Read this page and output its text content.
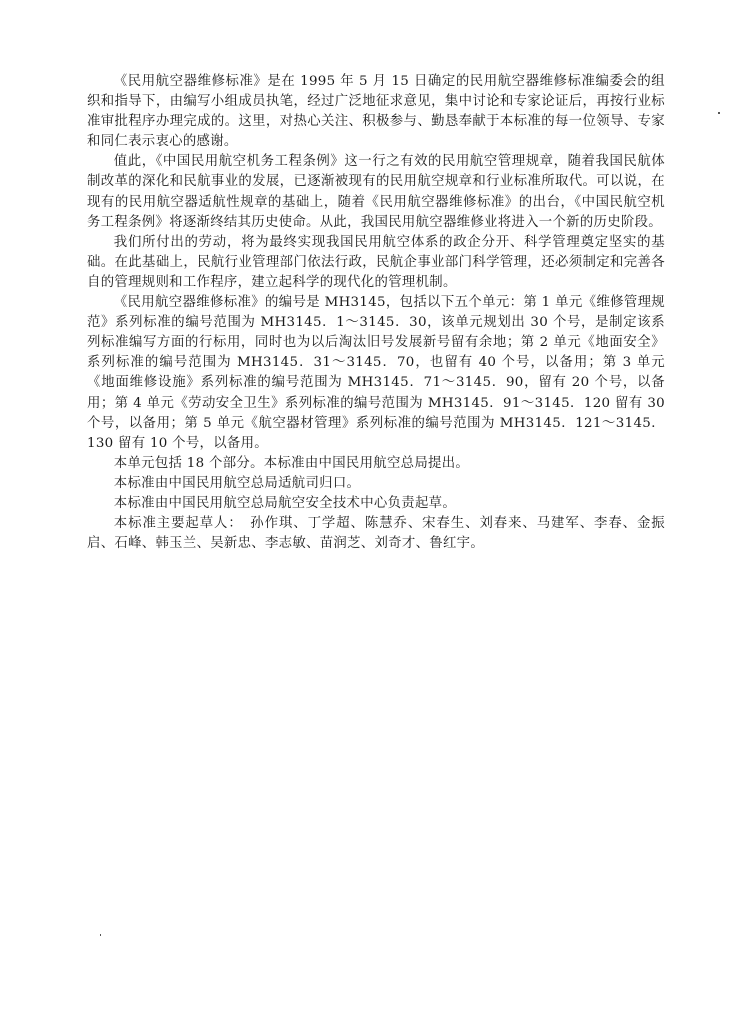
《民用航空器维修标准》是在 1995 年 5 月 15 日确定的民用航空器维修标准编委会的组织和指导下，由编写小组成员执笔，经过广泛地征求意见，集中讨论和专家论证后，再按行业标准审批程序办理完成的。这里，对热心关注、积极参与、勤恳奉献于本标准的每一位领导、专家和同仁表示衷心的感谢。

值此，《中国民用航空机务工程条例》这一行之有效的民用航空管理规章，随着我国民航体制改革的深化和民航事业的发展，已逐渐被现有的民用航空规章和行业标准所取代。可以说，在现有的民用航空器适航性规章的基础上，随着《民用航空器维修标准》的出台，《中国民航空机务工程条例》将逐渐终结其历史使命。从此，我国民用航空器维修业将进入一个新的历史阶段。

我们所付出的劳动，将为最终实现我国民用航空体系的政企分开、科学管理奠定坚实的基础。在此基础上，民航行业管理部门依法行政，民航企事业部门科学管理，还必须制定和完善各自的管理规则和工作程序，建立起科学的现代化的管理机制。

《民用航空器维修标准》的编号是 MH3145，包括以下五个单元：第 1 单元《维修管理规范》系列标准的编号范围为 MH3145．1～3145．30，该单元规划出 30 个号，是制定该系列标准编写方面的行标用，同时也为以后淘汰旧号发展新号留有余地；第 2 单元《地面安全》系列标准的编号范围为 MH3145．31～3145．70，也留有 40 个号，以备用；第 3 单元《地面维修设施》系列标准的编号范围为 MH3145．71～3145．90，留有 20 个号，以备用；第 4 单元《劳动安全卫生》系列标准的编号范围为 MH3145．91～3145．120 留有 30 个号，以备用；第 5 单元《航空器材管理》系列标准的编号范围为 MH3145．121～3145．130 留有 10 个号，以备用。

本单元包括 18 个部分。本标准由中国民用航空总局提出。

本标准由中国民用航空总局适航司归口。

本标准由中国民用航空总局航空安全技术中心负责起草。

本标准主要起草人：　孙作琪、丁学超、陈慧乔、宋春生、刘春来、马建军、李春、金振启、石峰、韩玉兰、吴新忠、李志敏、苗润芝、刘奇才、鲁红宇。
